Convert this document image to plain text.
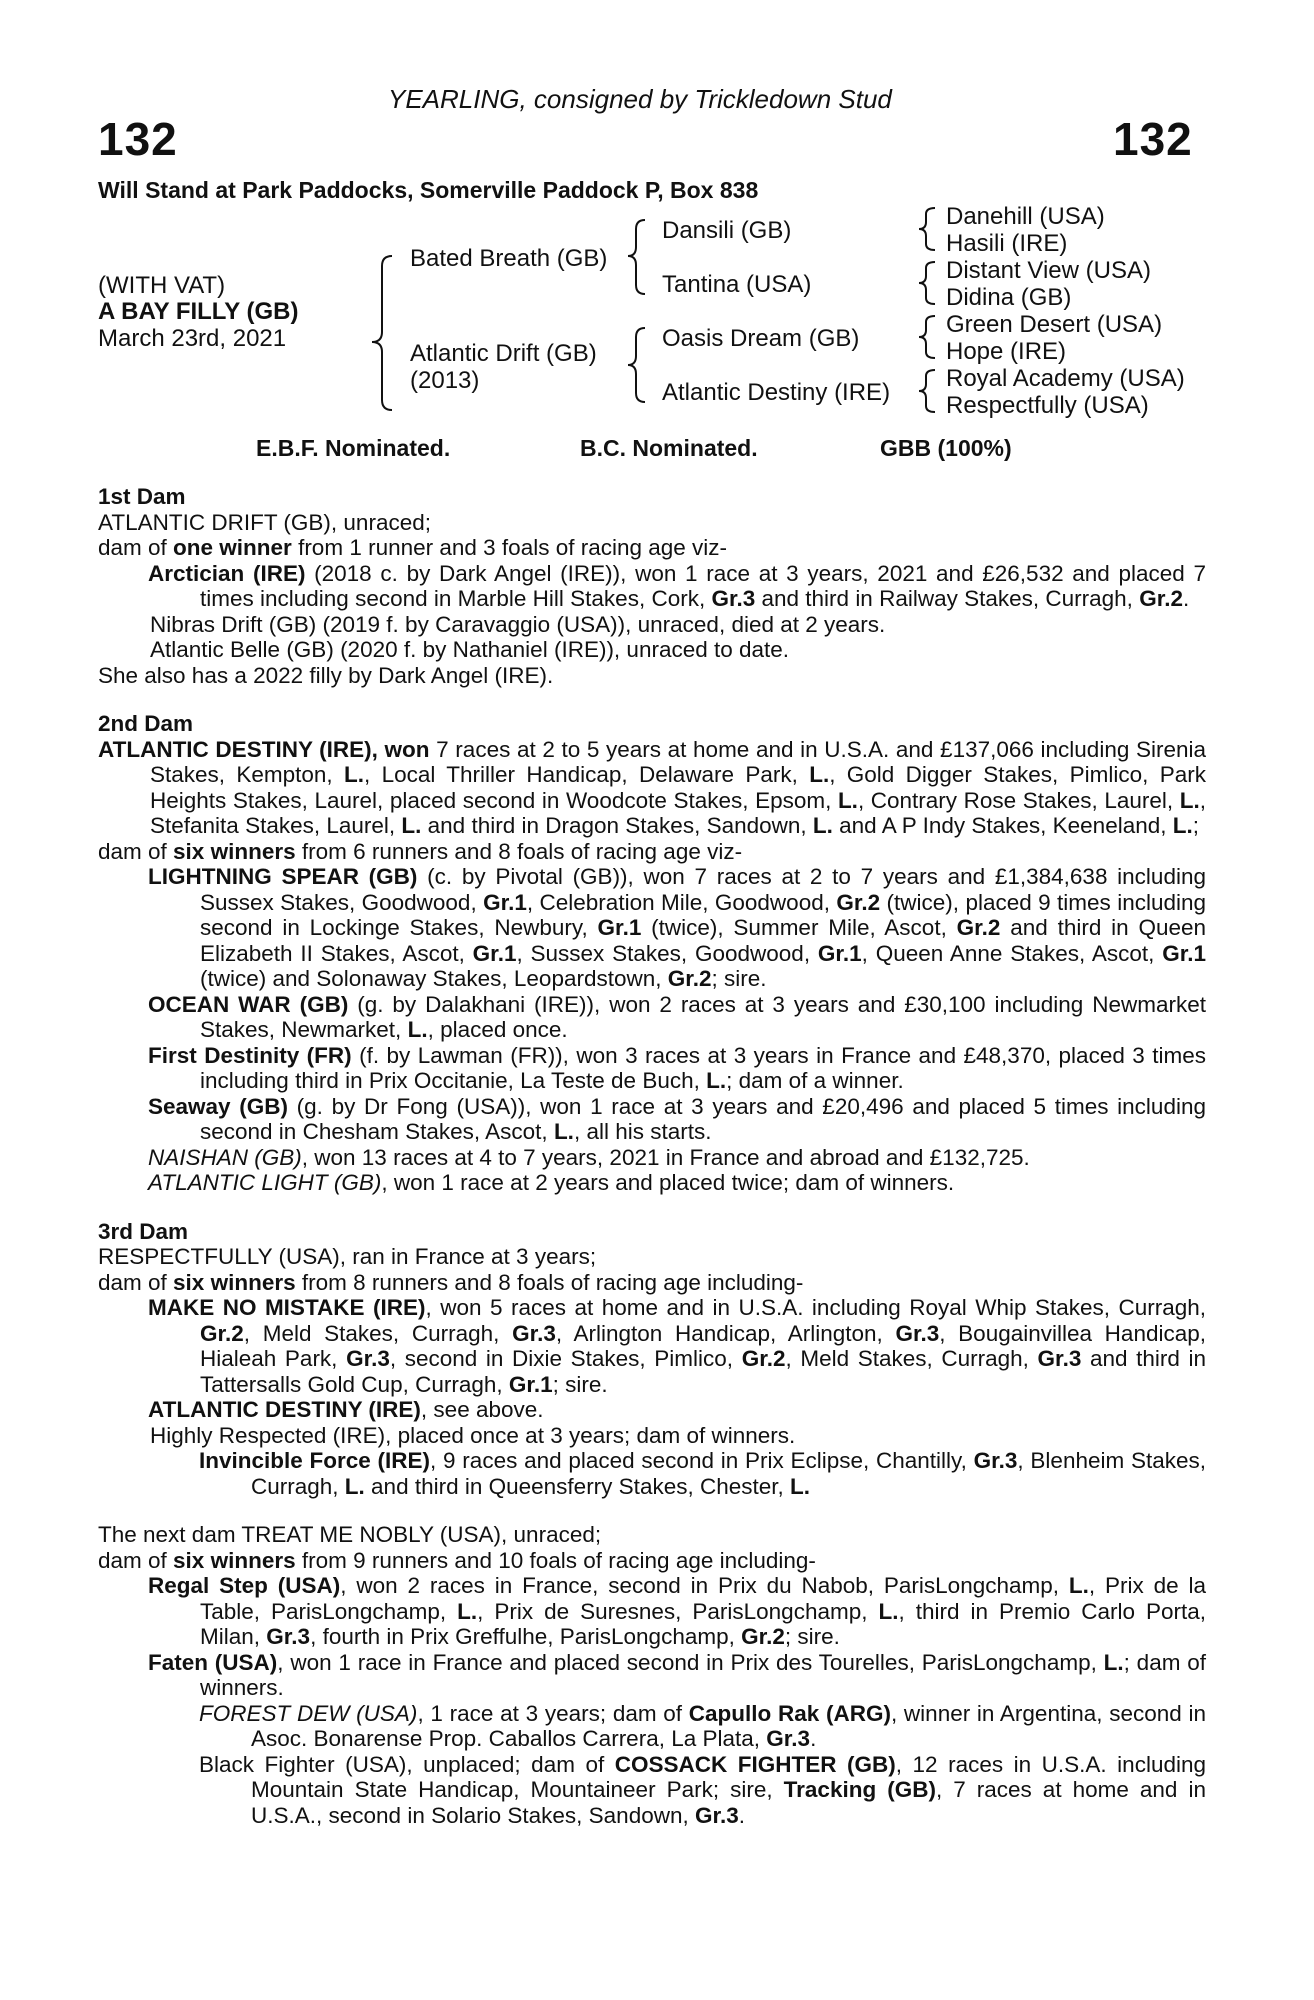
YEARLING, consigned by Trickledown Stud
132	132
Will Stand at Park Paddocks, Somerville Paddock P, Box 838
(WITH VAT)
A BAY FILLY (GB)
March 23rd, 2021
Bated Breath (GB)
Atlantic Drift (GB)
(2013)
Dansili (GB)
Tantina (USA)
Oasis Dream (GB)
Atlantic Destiny (IRE)
Danehill (USA)
Hasili (IRE)
Distant View (USA)
Didina (GB)
Green Desert (USA)
Hope (IRE)
Royal Academy (USA)
Respectfully (USA)
E.B.F. Nominated.	B.C. Nominated.	GBB (100%)

1st Dam

ATLANTIC DRIFT (GB), unraced;

dam of one winner from 1 runner and 3 foals of racing age viz-

Arctician (IRE) (2018 c. by Dark Angel (IRE)), won 1 race at 3 years, 2021 and £26,532 and placed 7 times including second in Marble Hill Stakes, Cork, Gr.3 and third in Railway Stakes, Curragh, Gr.2.

Nibras Drift (GB) (2019 f. by Caravaggio (USA)), unraced, died at 2 years.

Atlantic Belle (GB) (2020 f. by Nathaniel (IRE)), unraced to date.

She also has a 2022 filly by Dark Angel (IRE).

2nd Dam

ATLANTIC DESTINY (IRE), won 7 races at 2 to 5 years at home and in U.S.A. and £137,066 including Sirenia Stakes, Kempton, L., Local Thriller Handicap, Delaware Park, L., Gold Digger Stakes, Pimlico, Park Heights Stakes, Laurel, placed second in Woodcote Stakes, Epsom, L., Contrary Rose Stakes, Laurel, L., Stefanita Stakes, Laurel, L. and third in Dragon Stakes, Sandown, L. and A P Indy Stakes, Keeneland, L.;

dam of six winners from 6 runners and 8 foals of racing age viz-

LIGHTNING SPEAR (GB) (c. by Pivotal (GB)), won 7 races at 2 to 7 years and £1,384,638 including Sussex Stakes, Goodwood, Gr.1, Celebration Mile, Goodwood, Gr.2 (twice), placed 9 times including second in Lockinge Stakes, Newbury, Gr.1 (twice), Summer Mile, Ascot, Gr.2 and third in Queen Elizabeth II Stakes, Ascot, Gr.1, Sussex Stakes, Goodwood, Gr.1, Queen Anne Stakes, Ascot, Gr.1 (twice) and Solonaway Stakes, Leopardstown, Gr.2; sire.

OCEAN WAR (GB) (g. by Dalakhani (IRE)), won 2 races at 3 years and £30,100 including Newmarket Stakes, Newmarket, L., placed once.

First Destinity (FR) (f. by Lawman (FR)), won 3 races at 3 years in France and £48,370, placed 3 times including third in Prix Occitanie, La Teste de Buch, L.; dam of a winner.

Seaway (GB) (g. by Dr Fong (USA)), won 1 race at 3 years and £20,496 and placed 5 times including second in Chesham Stakes, Ascot, L., all his starts.

NAISHAN (GB), won 13 races at 4 to 7 years, 2021 in France and abroad and £132,725.

ATLANTIC LIGHT (GB), won 1 race at 2 years and placed twice; dam of winners.

3rd Dam

RESPECTFULLY (USA), ran in France at 3 years;

dam of six winners from 8 runners and 8 foals of racing age including-

MAKE NO MISTAKE (IRE), won 5 races at home and in U.S.A. including Royal Whip Stakes, Curragh, Gr.2, Meld Stakes, Curragh, Gr.3, Arlington Handicap, Arlington, Gr.3, Bougainvillea Handicap, Hialeah Park, Gr.3, second in Dixie Stakes, Pimlico, Gr.2, Meld Stakes, Curragh, Gr.3 and third in Tattersalls Gold Cup, Curragh, Gr.1; sire.

ATLANTIC DESTINY (IRE), see above.

Highly Respected (IRE), placed once at 3 years; dam of winners.

Invincible Force (IRE), 9 races and placed second in Prix Eclipse, Chantilly, Gr.3, Blenheim Stakes, Curragh, L. and third in Queensferry Stakes, Chester, L.

The next dam TREAT ME NOBLY (USA), unraced;

dam of six winners from 9 runners and 10 foals of racing age including-

Regal Step (USA), won 2 races in France, second in Prix du Nabob, ParisLongchamp, L., Prix de la Table, ParisLongchamp, L., Prix de Suresnes, ParisLongchamp, L., third in Premio Carlo Porta, Milan, Gr.3, fourth in Prix Greffulhe, ParisLongchamp, Gr.2; sire.

Faten (USA), won 1 race in France and placed second in Prix des Tourelles, ParisLongchamp, L.; dam of winners.

FOREST DEW (USA), 1 race at 3 years; dam of Capullo Rak (ARG), winner in Argentina, second in Asoc. Bonarense Prop. Caballos Carrera, La Plata, Gr.3.

Black Fighter (USA), unplaced; dam of COSSACK FIGHTER (GB), 12 races in U.S.A. including Mountain State Handicap, Mountaineer Park; sire, Tracking (GB), 7 races at home and in U.S.A., second in Solario Stakes, Sandown, Gr.3.
